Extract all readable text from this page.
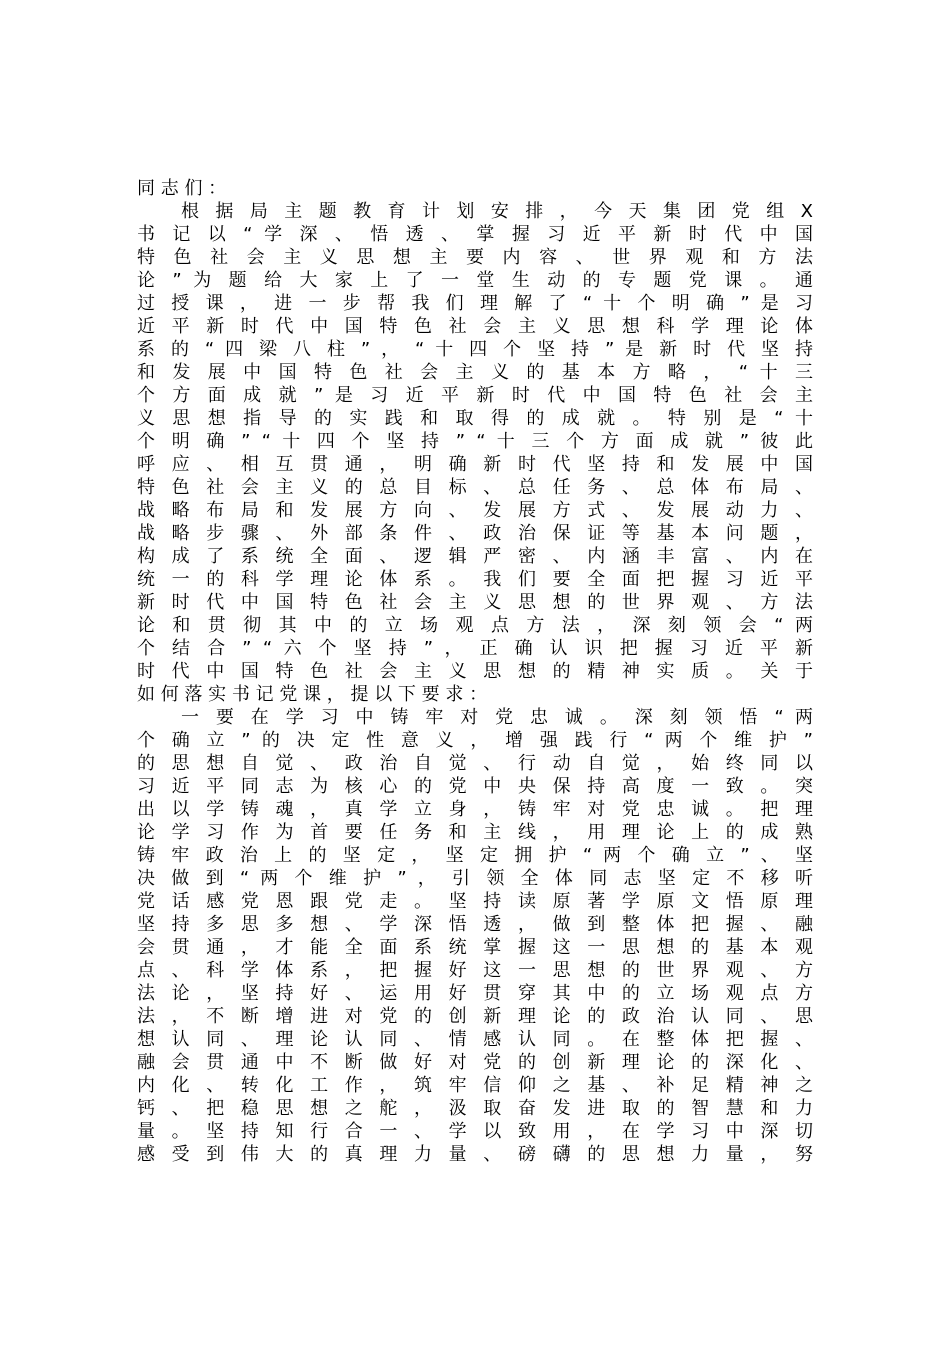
同 志 们 ：
根 据 局 主 题 教 育 计 划 安 排 ， 今 天 集 团 党 组 X
书 记 以 “ 学 深 、 悟 透 、 掌 握 习 近 平 新 时 代 中 国
特 色 社 会 主 义 思 想 主 要 内 容 、 世 界 观 和 方 法
论 ” 为 题 给 大 家 上 了 一 堂 生 动 的 专 题 党 课 。 通
过 授 课 ， 进 一 步 帮 我 们 理 解 了 “ 十 个 明 确 ” 是 习
近 平 新 时 代 中 国 特 色 社 会 主 义 思 想 科 学 理 论 体
系 的 “ 四 梁 八 柱 ” ， “ 十 四 个 坚 持 ” 是 新 时 代 坚 持
和 发 展 中 国 特 色 社 会 主 义 的 基 本 方 略 ， “ 十 三
个 方 面 成 就 ” 是 习 近 平 新 时 代 中 国 特 色 社 会 主
义 思 想 指 导 的 实 践 和 取 得 的 成 就 。 特 别 是 “ 十
个 明 确 ” “ 十 四 个 坚 持 ” “ 十 三 个 方 面 成 就 ” 彼 此
呼 应 、 相 互 贯 通 ， 明 确 新 时 代 坚 持 和 发 展 中 国
特 色 社 会 主 义 的 总 目 标 、 总 任 务 、 总 体 布 局 、
战 略 布 局 和 发 展 方 向 、 发 展 方 式 、 发 展 动 力 、
战 略 步 骤 、 外 部 条 件 、 政 治 保 证 等 基 本 问 题 ，
构 成 了 系 统 全 面 、 逻 辑 严 密 、 内 涵 丰 富 、 内 在
统 一 的 科 学 理 论 体 系 。 我 们 要 全 面 把 握 习 近 平
新 时 代 中 国 特 色 社 会 主 义 思 想 的 世 界 观 、 方 法
论 和 贯 彻 其 中 的 立 场 观 点 方 法 ， 深 刻 领 会 “ 两
个 结 合 ” “ 六 个 坚 持 ” ， 正 确 认 识 把 握 习 近 平 新
时 代 中 国 特 色 社 会 主 义 思 想 的 精 神 实 质 。 关 于
如 何 落 实 书 记 党 课 ， 提 以 下 要 求 ：
一 要 在 学 习 中 铸 牢 对 党 忠 诚 。 深 刻 领 悟 “ 两
个 确 立 ” 的 决 定 性 意 义 ， 增 强 践 行 “ 两 个 维 护 ”
的 思 想 自 觉 、 政 治 自 觉 、 行 动 自 觉 ， 始 终 同 以
习 近 平 同 志 为 核 心 的 党 中 央 保 持 高 度 一 致 。 突
出 以 学 铸 魂 ， 真 学 立 身 ， 铸 牢 对 党 忠 诚 。 把 理
论 学 习 作 为 首 要 任 务 和 主 线 ， 用 理 论 上 的 成 熟
铸 牢 政 治 上 的 坚 定 ， 坚 定 拥 护 “ 两 个 确 立 ” 、 坚
决 做 到 “ 两 个 维 护 ” ， 引 领 全 体 同 志 坚 定 不 移 听
党 话 感 党 恩 跟 党 走 。 坚 持 读 原 著 学 原 文 悟 原 理
坚 持 多 思 多 想 、 学 深 悟 透 ， 做 到 整 体 把 握 、 融
会 贯 通 ， 才 能 全 面 系 统 掌 握 这 一 思 想 的 基 本 观
点 、 科 学 体 系 ， 把 握 好 这 一 思 想 的 世 界 观 、 方
法 论 ， 坚 持 好 、 运 用 好 贯 穿 其 中 的 立 场 观 点 方
法 ， 不 断 增 进 对 党 的 创 新 理 论 的 政 治 认 同 、 思
想 认 同 、 理 论 认 同 、 情 感 认 同 。 在 整 体 把 握 、
融 会 贯 通 中 不 断 做 好 对 党 的 创 新 理 论 的 深 化 、
内 化 、 转 化 工 作 ， 筑 牢 信 仰 之 基 、 补 足 精 神 之
钙 、 把 稳 思 想 之 舵 ， 汲 取 奋 发 进 取 的 智 慧 和 力
量 。 坚 持 知 行 合 一 、 学 以 致 用 ， 在 学 习 中 深 切
感 受 到 伟 大 的 真 理 力 量 、 磅 礴 的 思 想 力 量 ， 努
